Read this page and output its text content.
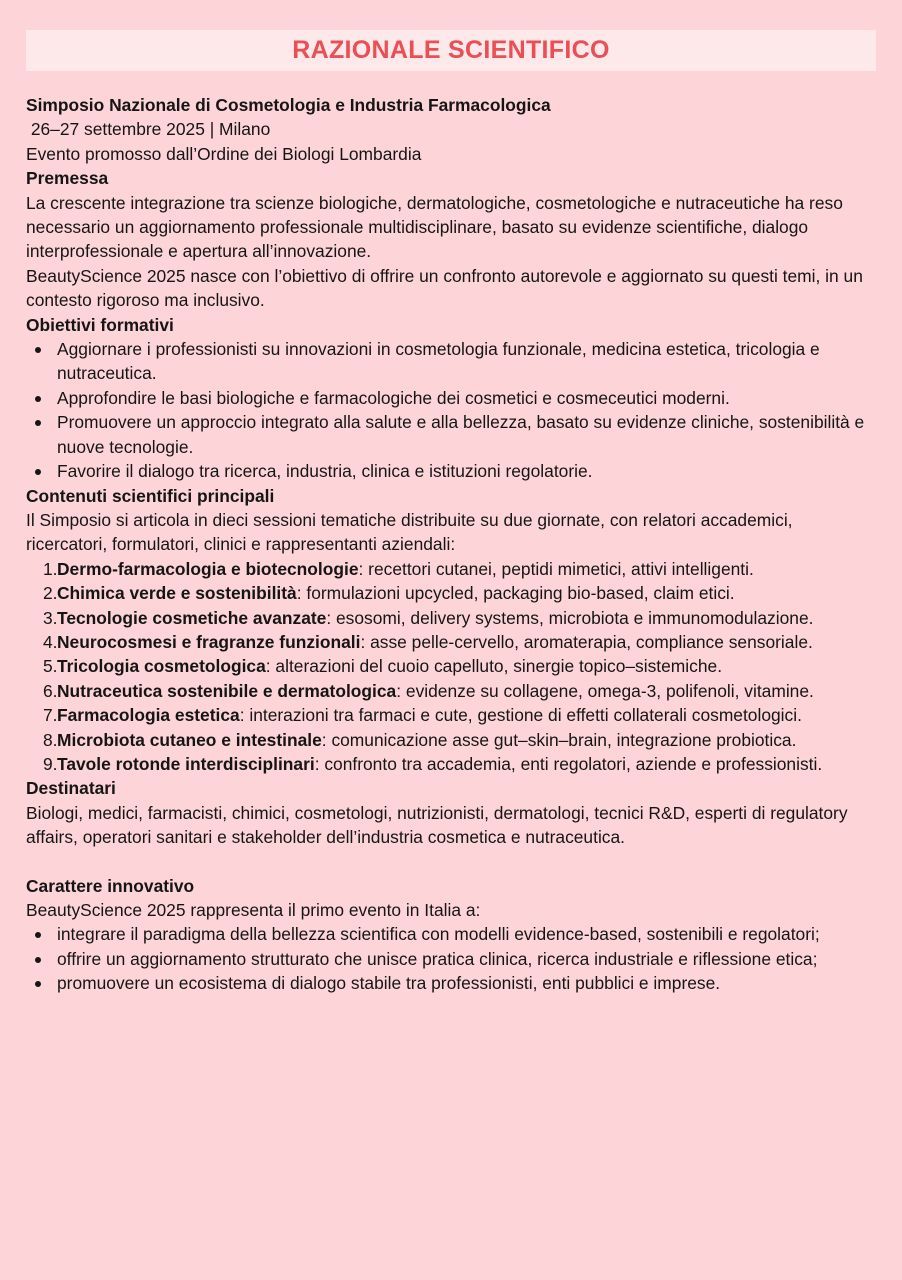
RAZIONALE SCIENTIFICO
Simposio Nazionale di Cosmetologia e Industria Farmacologica
26–27 settembre 2025 | Milano
Evento promosso dall’Ordine dei Biologi Lombardia
Premessa
La crescente integrazione tra scienze biologiche, dermatologiche, cosmetologiche e nutraceutiche ha reso necessario un aggiornamento professionale multidisciplinare, basato su evidenze scientifiche, dialogo interprofessionale e apertura all’innovazione.
BeautyScience 2025 nasce con l’obiettivo di offrire un confronto autorevole e aggiornato su questi temi, in un contesto rigoroso ma inclusivo.
Obiettivi formativi
Aggiornare i professionisti su innovazioni in cosmetologia funzionale, medicina estetica, tricologia e nutraceutica.
Approfondire le basi biologiche e farmacologiche dei cosmetici e cosmeceutici moderni.
Promuovere un approccio integrato alla salute e alla bellezza, basato su evidenze cliniche, sostenibilità e nuove tecnologie.
Favorire il dialogo tra ricerca, industria, clinica e istituzioni regolatorie.
Contenuti scientifici principali
Il Simposio si articola in dieci sessioni tematiche distribuite su due giornate, con relatori accademici, ricercatori, formulatori, clinici e rappresentanti aziendali:
1. Dermo-farmacologia e biotecnologie: recettori cutanei, peptidi mimetici, attivi intelligenti.
2. Chimica verde e sostenibilità: formulazioni upcycled, packaging bio-based, claim etici.
3. Tecnologie cosmetiche avanzate: esosomi, delivery systems, microbiota e immunomodulazione.
4. Neurocosmesi e fragranze funzionali: asse pelle-cervello, aromaterapia, compliance sensoriale.
5. Tricologia cosmetologica: alterazioni del cuoio capelluto, sinergie topico–sistemiche.
6. Nutraceutica sostenibile e dermatologica: evidenze su collagene, omega-3, polifenoli, vitamine.
7. Farmacologia estetica: interazioni tra farmaci e cute, gestione di effetti collaterali cosmetologici.
8. Microbiota cutaneo e intestinale: comunicazione asse gut–skin–brain, integrazione probiotica.
9. Tavole rotonde interdisciplinari: confronto tra accademia, enti regolatori, aziende e professionisti.
Destinatari
Biologi, medici, farmacisti, chimici, cosmetologi, nutrizionisti, dermatologi, tecnici R&D, esperti di regulatory affairs, operatori sanitari e stakeholder dell’industria cosmetica e nutraceutica.
Carattere innovativo
BeautyScience 2025 rappresenta il primo evento in Italia a:
integrare il paradigma della bellezza scientifica con modelli evidence-based, sostenibili e regolatori;
offrire un aggiornamento strutturato che unisce pratica clinica, ricerca industriale e riflessione etica;
promuovere un ecosistema di dialogo stabile tra professionisti, enti pubblici e imprese.
